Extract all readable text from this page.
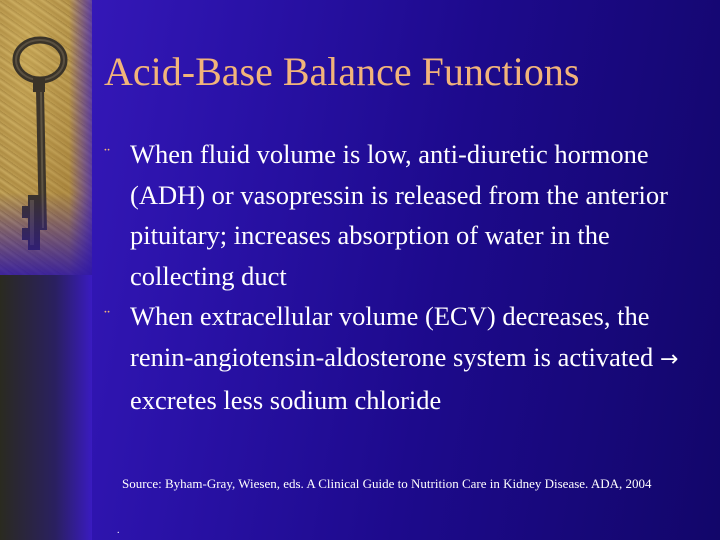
Acid-Base Balance Functions
¨ When fluid volume is low, anti-diuretic hormone (ADH) or vasopressin is released from the anterior pituitary; increases absorption of water in the collecting duct
¨ When extracellular volume (ECV) decreases, the renin-angiotensin-aldosterone system is activated → excretes less sodium chloride
Source: Byham-Gray, Wiesen, eds. A Clinical Guide to Nutrition Care in Kidney Disease. ADA, 2004
.
